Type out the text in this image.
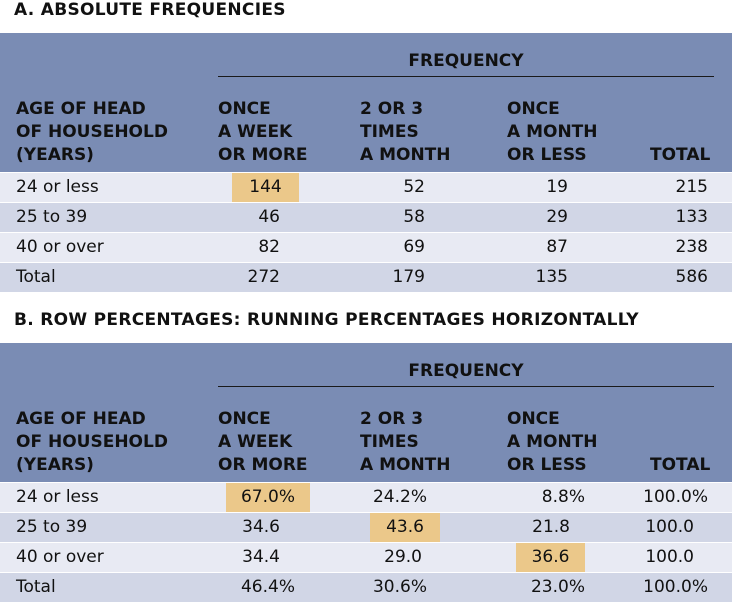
A. ABSOLUTE FREQUENCIES
FREQUENCY
AGE OF HEAD
OF HOUSEHOLD
(YEARS)
ONCE
A WEEK
OR MORE
2 OR 3
TIMES
A MONTH
ONCE
A MONTH
OR LESS	TOTAL
24 or less	144	52	19	215
25 to 39	46	58	29	133
40 or over	82	69	87	238
Total	272	179	135	586
B. ROW PERCENTAGES: RUNNING PERCENTAGES HORIZONTALLY
FREQUENCY
AGE OF HEAD
OF HOUSEHOLD
(YEARS)
ONCE
A WEEK
OR MORE
2 OR 3
TIMES
A MONTH
ONCE
A MONTH
OR LESS	TOTAL
24 or less	67.0%	24.2%	8.8%	100.0%
25 to 39	34.6	43.6	21.8	100.0
40 or over	34.4	29.0	36.6	100.0
Total	46.4%	30.6%	23.0%	100.0%
